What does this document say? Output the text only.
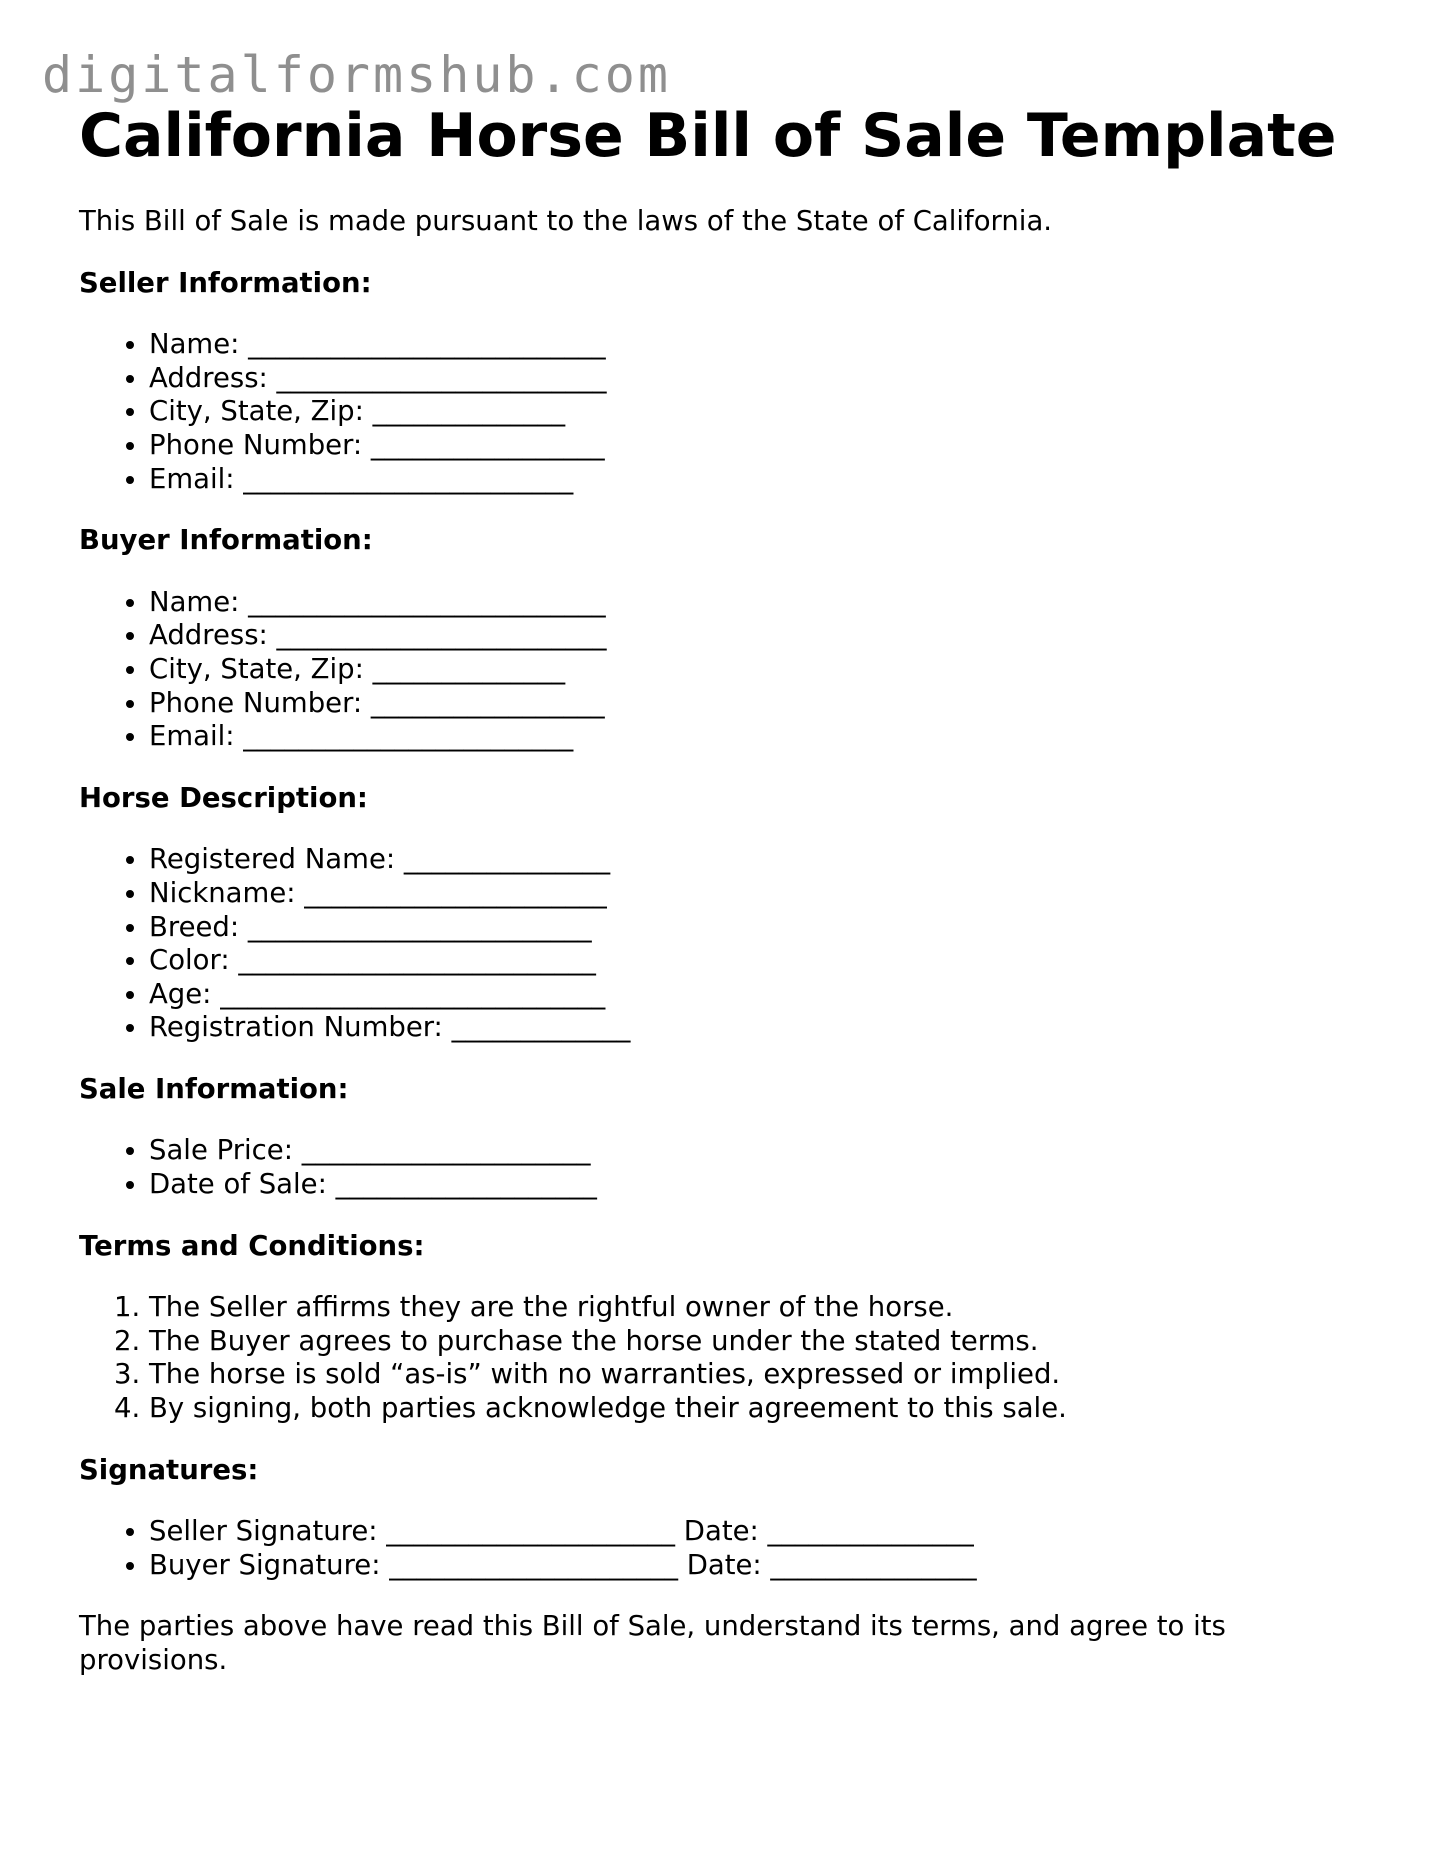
digitalformshub.com
California Horse Bill of Sale Template

This Bill of Sale is made pursuant to the laws of the State of California.

Seller Information:
• Name: __________________________
• Address: ________________________
• City, State, Zip: ______________
• Phone Number: _________________
• Email: ________________________
Buyer Information:
• Name: __________________________
• Address: ________________________
• City, State, Zip: ______________
• Phone Number: _________________
• Email: ________________________
Horse Description:
• Registered Name: _______________
• Nickname: ______________________
• Breed: _________________________
• Color: __________________________
• Age: ____________________________
• Registration Number: _____________
Sale Information:
• Sale Price: _____________________
• Date of Sale: ___________________
Terms and Conditions:
1. The Seller affirms they are the rightful owner of the horse.
2. The Buyer agrees to purchase the horse under the stated terms.
3. The horse is sold “as-is” with no warranties, expressed or implied.
4. By signing, both parties acknowledge their agreement to this sale.
Signatures:
• Seller Signature: _____________________ Date: _______________
• Buyer Signature: _____________________ Date: _______________

The parties above have read this Bill of Sale, understand its terms, and agree to its provisions.
